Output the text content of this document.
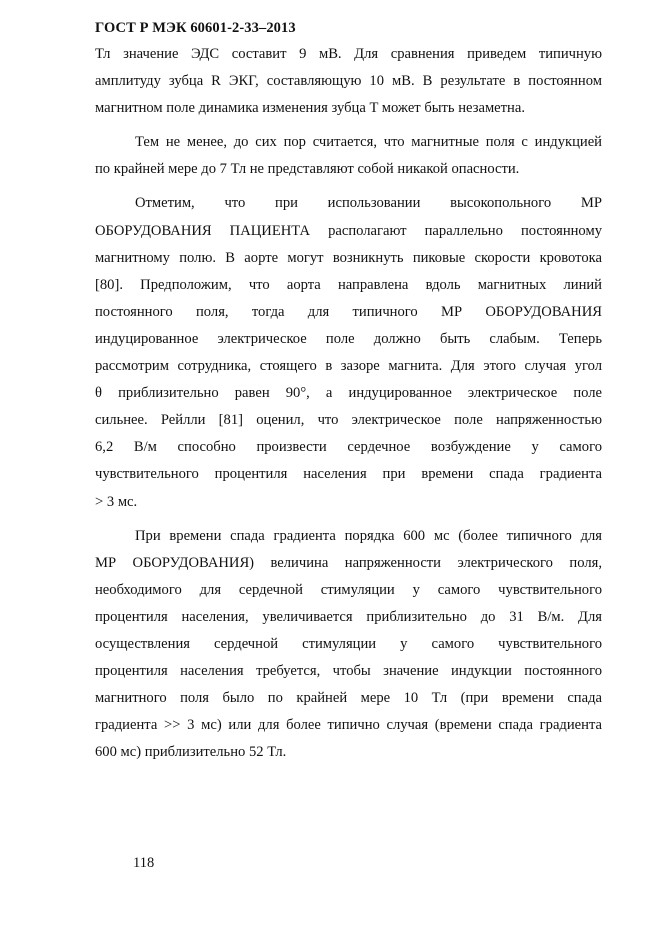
ГОСТ Р МЭК 60601-2-33–2013

Тл значение ЭДС составит 9 мВ. Для сравнения приведем типичную
амплитуду зубца R ЭКГ, составляющую 10 мВ. В результате в постоянном
магнитном поле динамика изменения зубца T может быть незаметна.

Тем не менее, до сих пор считается, что магнитные поля с индукцией
по крайней мере до 7 Тл не представляют собой никакой опасности.

Отметим, что при использовании высокопольного МР
ОБОРУДОВАНИЯ ПАЦИЕНТА располагают параллельно постоянному
магнитному полю. В аорте могут возникнуть пиковые скорости кровотока
[80]. Предположим, что аорта направлена вдоль магнитных линий
постоянного поля, тогда для типичного МР ОБОРУДОВАНИЯ
индуцированное электрическое поле должно быть слабым. Теперь
рассмотрим сотрудника, стоящего в зазоре магнита. Для этого случая угол
θ приблизительно равен 90°, а индуцированное электрическое поле
сильнее. Рейлли [81] оценил, что электрическое поле напряженностью
6,2 В/м способно произвести сердечное возбуждение у самого
чувствительного процентиля населения при времени спада градиента
> 3 мс.

При времени спада градиента порядка 600 мс (более типичного для
МР ОБОРУДОВАНИЯ) величина напряженности электрического поля,
необходимого для сердечной стимуляции у самого чувствительного
процентиля населения, увеличивается приблизительно до 31 В/м. Для
осуществления сердечной стимуляции у самого чувствительного
процентиля населения требуется, чтобы значение индукции постоянного
магнитного поля было по крайней мере 10 Тл (при времени спада
градиента >> 3 мс) или для более типично случая (времени спада градиента
600 мс) приблизительно 52 Тл.

118
